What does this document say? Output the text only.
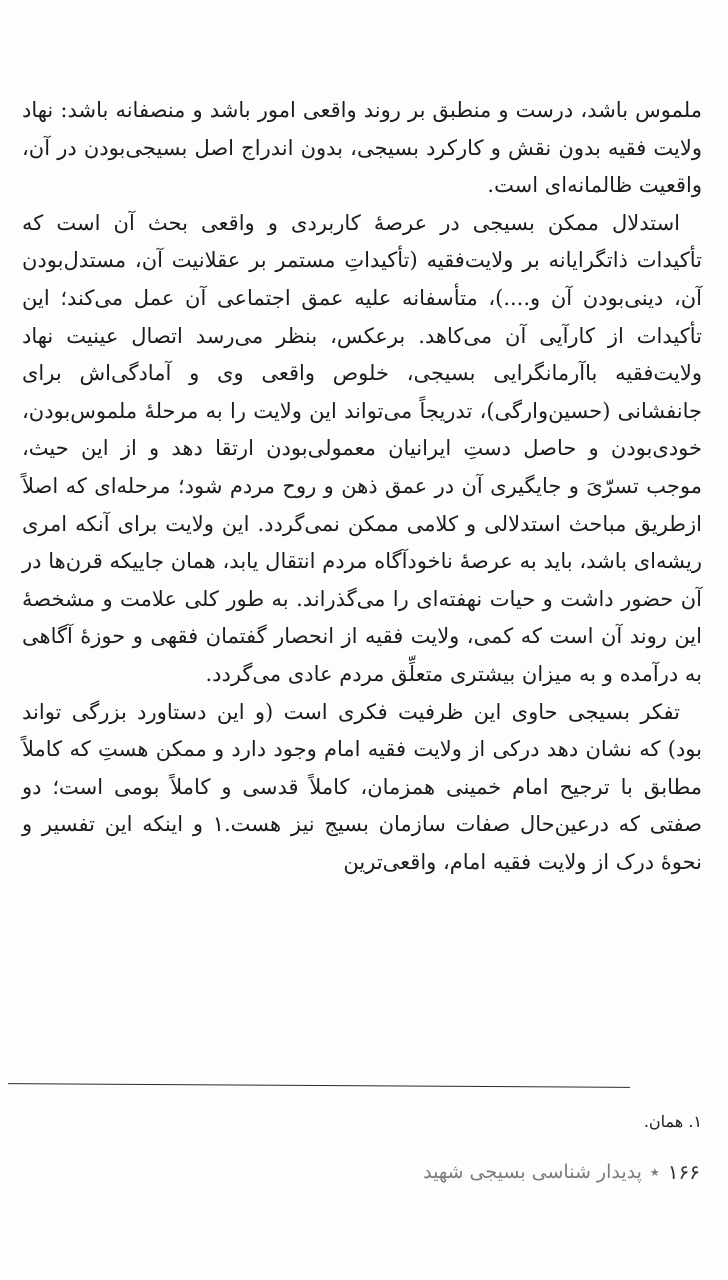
ملموس باشد، درست و منطبق بر روند واقعی امور باشد و منصفانه باشد: نهاد ولایت فقیه بدون نقش و کارکرد بسیجی، بدون اندراج اصل بسیجی‌بودن در آن، واقعیت ظالمانه‌ای است.

استدلال ممکن بسیجی در عرصهٔ کاربردی و واقعی بحث آن است که تأکیدات ذاتگرایانه بر ولایت‌فقیه (تأکیداتِ مستمر بر عقلانیت آن، مستدل‌بودن آن، دینی‌بودن آن و....)، متأسفانه علیه عمق اجتماعی آن عمل می‌کند؛ این تأکیدات از کارآیی آن می‌کاهد. برعکس، بنظر می‌رسد اتصال عینیت نهاد ولایت‌فقیه باآرمانگرایی بسیجی، خلوص واقعی وی و آمادگی‌اش برای جانفشانی (حسین‌وارگی)، تدریجاً می‌تواند این ولایت را به مرحلهٔ ملموس‌بودن، خودی‌بودن و حاصل دستِ ایرانیان معمولی‌بودن ارتقا دهد و از این حیث، موجب تسرّیَ و جایگیری آن در عمق ذهن و روح مردم شود؛ مرحله‌ای که اصلاً ازطریق مباحث استدلالی و کلامی ممکن نمی‌گردد. این ولایت برای آنکه امری ریشه‌ای باشد، باید به عرصهٔ ناخودآگاه مردم انتقال یابد، همان جاییکه قرن‌ها در آن حضور داشت و حیات نهفته‌ای را می‌گذراند. به طور کلی علامت و مشخصهٔ این روند آن است که کمی، ولایت فقیه از انحصار گفتمان فقهی و حوزهٔ آگاهی به درآمده و به میزان بیشتری متعلِّق مردم عادی می‌گردد.

تفکر بسیجی حاوی این ظرفیت فکری است (و این دستاورد بزرگی تواند بود) که نشان دهد درکی از ولایت فقیه امام وجود دارد و ممکن هستِ که کاملاً مطابق با ترجیح امام خمینی همزمان، کاملاً قدسی و کاملاً بومی است؛ دو صفتی که درعین‌حال صفات سازمان بسیج نیز هست.۱ و اینکه این تفسیر و نحوهٔ درک از ولایت فقیه امام، واقعی‌ترین

۱. همان.
۱۶۶
★
پدیدار شناسی بسیجی شهید
